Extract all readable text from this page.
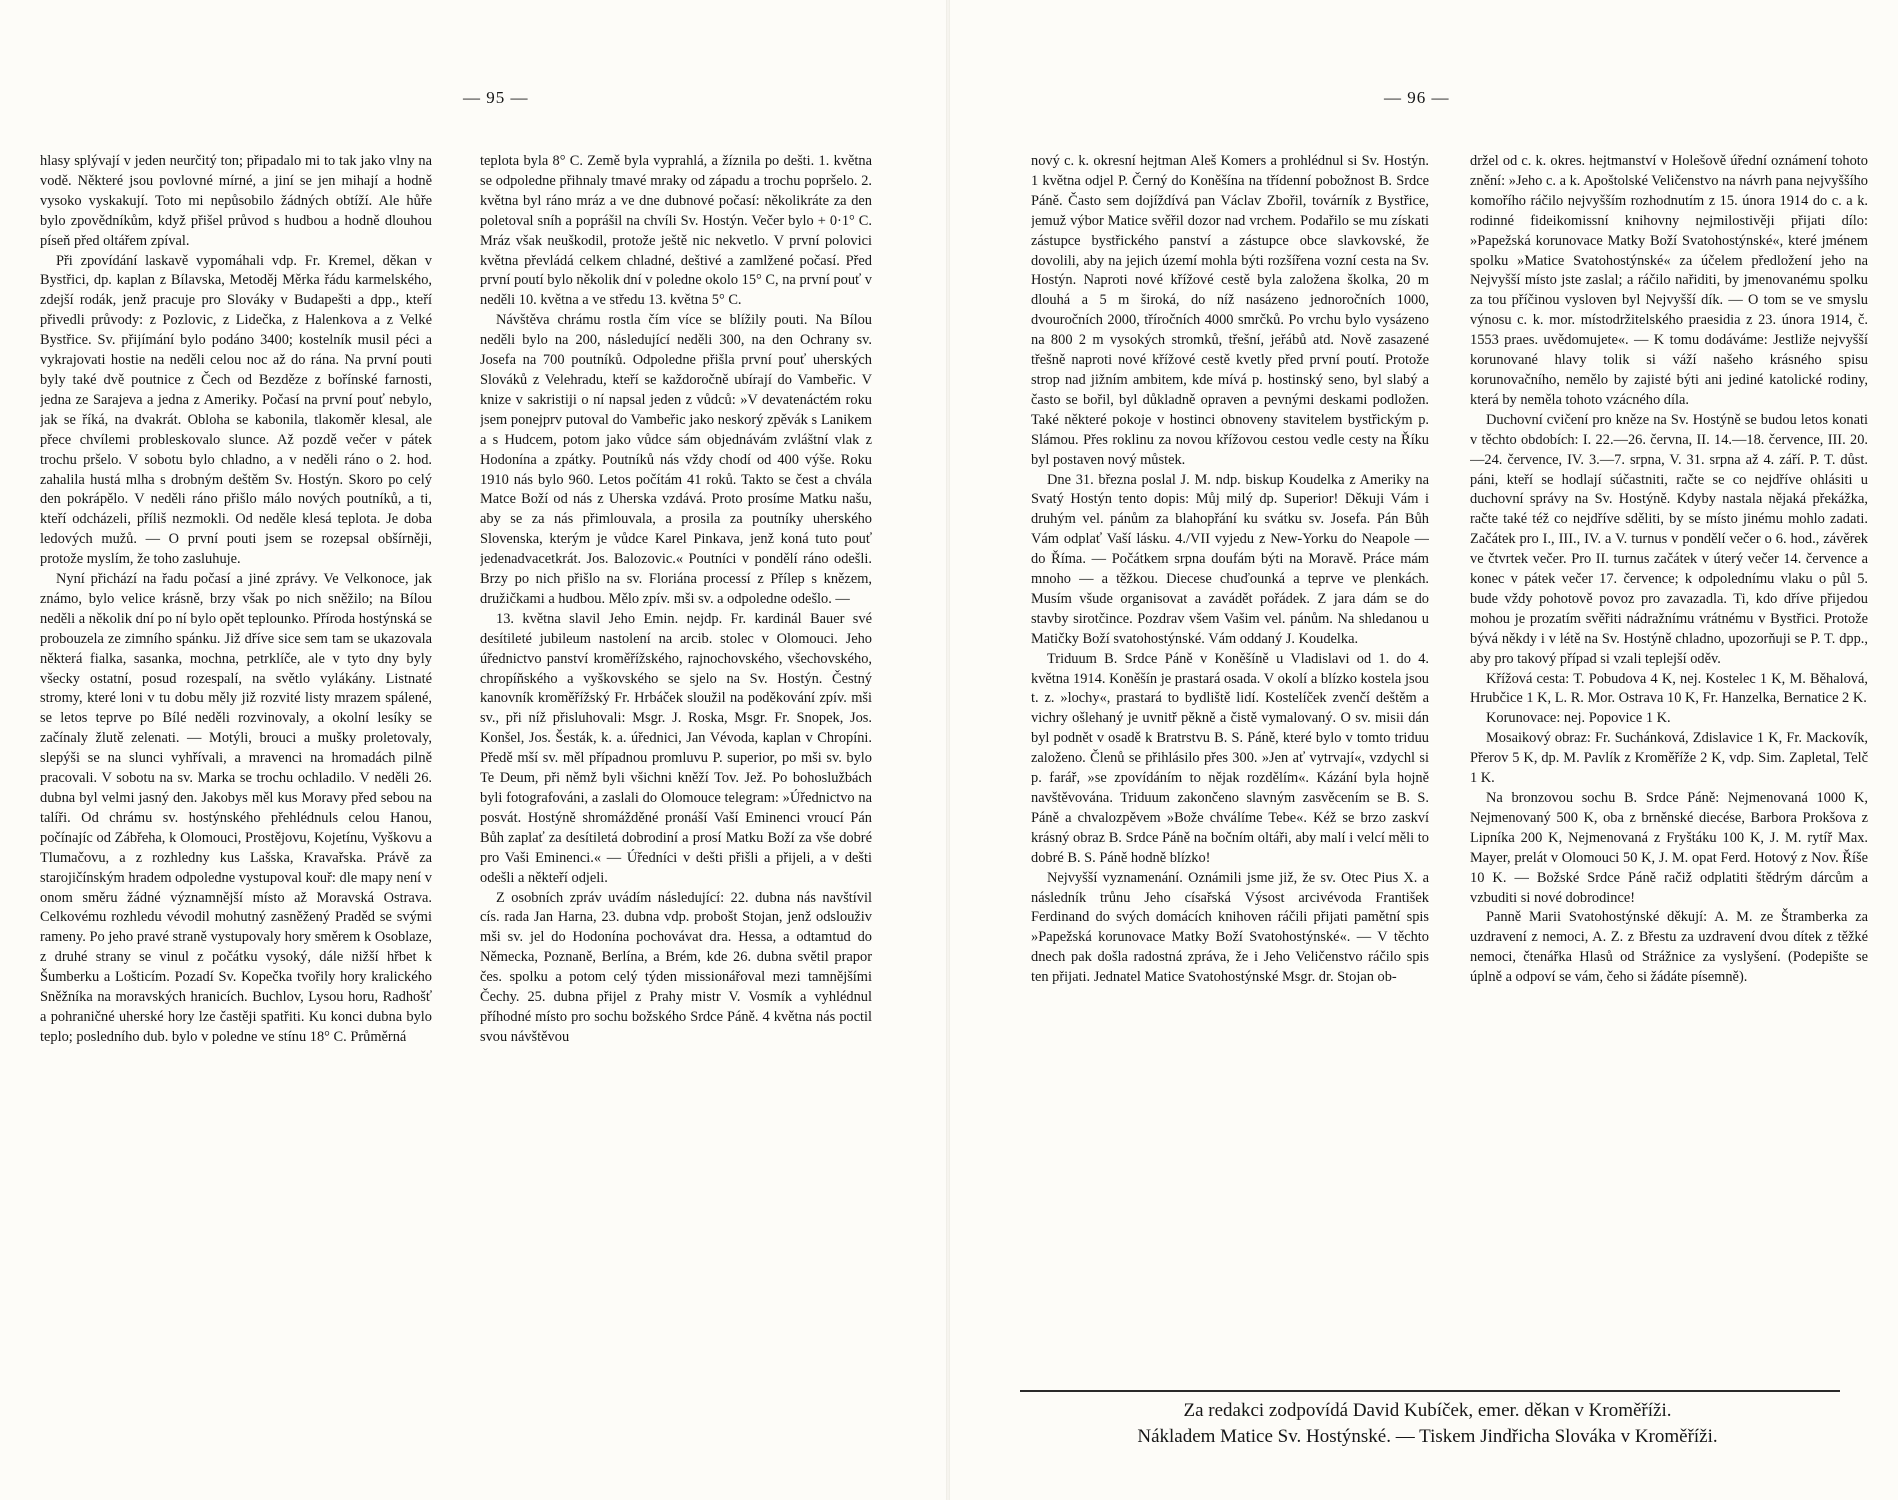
— 95 —

hlasy splývají v jeden neurčitý ton; připadalo mi to tak jako vlny na vodě. Některé jsou povlovné mírné, a jiní se jen mihají a hodně vysoko vyskakují. Toto mi nepůsobilo žádných obtíží. Ale hůře bylo zpovědníkům, když přišel průvod s hudbou a hodně dlouhou píseň před oltářem zpíval.

Při zpovídání laskavě vypomáhali vdp. Fr. Kremel, děkan v Bystřici, dp. kaplan z Bílavska, Metoděj Měrka řádu karmelského, zdejší rodák, jenž pracuje pro Slováky v Budapešti a dpp., kteří přivedli průvody: z Pozlovic, z Lidečka, z Halenkova a z Velké Bystřice. Sv. přijímání bylo podáno 3400; kostelník musil péci a vykrajovati hostie na neděli celou noc až do rána. Na první pouti byly také dvě poutnice z Čech od Bezděze z bořínské farnosti, jedna ze Sarajeva a jedna z Ameriky. Počasí na první pouť nebylo, jak se říká, na dvakrát. Obloha se kabonila, tlakoměr klesal, ale přece chvílemi probleskovalo slunce. Až pozdě večer v pátek trochu pršelo. V sobotu bylo chladno, a v neděli ráno o 2. hod. zahalila hustá mlha s drobným deštěm Sv. Hostýn. Skoro po celý den pokrápělo. V neděli ráno přišlo málo nových poutníků, a ti, kteří odcházeli, příliš nezmokli. Od neděle klesá teplota. Je doba ledových mužů. — O první pouti jsem se rozepsal obšírněji, protože myslím, že toho zasluhuje.

Nyní přichází na řadu počasí a jiné zprávy. Ve Velkonoce, jak známo, bylo velice krásně, brzy však po nich sněžilo; na Bílou neděli a několik dní po ní bylo opět teplounko. Příroda hostýnská se probouzela ze zimního spánku. Již dříve sice sem tam se ukazovala některá fialka, sasanka, mochna, petrklíče, ale v tyto dny byly všecky ostatní, posud rozespalí, na světlo vylákány. Listnaté stromy, které loni v tu dobu měly již rozvité listy mrazem spálené, se letos teprve po Bílé neděli rozvinovaly, a okolní lesíky se začínaly žlutě zelenati. — Motýli, brouci a mušky proletovaly, slepýši se na slunci vyhřívali, a mravenci na hromadách pilně pracovali. V sobotu na sv. Marka se trochu ochladilo. V neděli 26. dubna byl velmi jasný den. Jakobys měl kus Moravy před sebou na talíři. Od chrámu sv. hostýnského přehlédnuls celou Hanou, počínajíc od Zábřeha, k Olomouci, Prostějovu, Kojetínu, Vyškovu a Tlumačovu, a z rozhledny kus Lašska, Kravařska. Právě za starojičínským hradem odpoledne vystupoval kouř: dle mapy není v onom směru žádné významnější místo až Moravská Ostrava. Celkovému rozhledu vévodil mohutný zasněžený Praděd se svými rameny. Po jeho pravé straně vystupovaly hory směrem k Osoblaze, z druhé strany se vinul z počátku vysoký, dále nižší hřbet k Šumberku a Lošticím. Pozadí Sv. Kopečka tvořily hory kralického Sněžníka na moravských hranicích. Buchlov, Lysou horu, Radhošť a pohraničné uherské hory lze častěji spatřiti. Ku konci dubna bylo teplo; posledního dub. bylo v poledne ve stínu 18° C. Průměrná

teplota byla 8° C. Země byla vyprahlá, a žíznila po dešti. 1. května se odpoledne přihnaly tmavé mraky od západu a trochu popršelo. 2. května byl ráno mráz a ve dne dubnové počasí: několikráte za den poletoval sníh a poprášil na chvíli Sv. Hostýn. Večer bylo + 0·1° C. Mráz však neuškodil, protože ještě nic nekvetlo. V první polovici května převládá celkem chladné, deštivé a zamlžené počasí. Před první poutí bylo několik dní v poledne okolo 15° C, na první pouť v neděli 10. května a ve středu 13. května 5° C.

Návštěva chrámu rostla čím více se blížily pouti. Na Bílou neděli bylo na 200, následující neděli 300, na den Ochrany sv. Josefa na 700 poutníků. Odpoledne přišla první pouť uherských Slováků z Velehradu, kteří se každoročně ubírají do Vambeřic. V knize v sakristiji o ní napsal jeden z vůdců: »V devatenáctém roku jsem ponejprv putoval do Vambeřic jako neskorý zpěvák s Lanikem a s Hudcem, potom jako vůdce sám objednávám zvláštní vlak z Hodonína a zpátky. Poutníků nás vždy chodí od 400 výše. Roku 1910 nás bylo 960. Letos počítám 41 roků. Takto se čest a chvála Matce Boží od nás z Uherska vzdává. Proto prosíme Matku našu, aby se za nás přimlouvala, a prosila za poutníky uherského Slovenska, kterým je vůdce Karel Pinkava, jenž koná tuto pouť jedenadvacetkrát. Jos. Balozovic.« Poutníci v pondělí ráno odešli. Brzy po nich přišlo na sv. Floriána processí z Přílep s knězem, družičkami a hudbou. Mělo zpív. mši sv. a odpoledne odešlo. —

13. května slavil Jeho Emin. nejdp. Fr. kardinál Bauer své desítileté jubileum nastolení na arcib. stolec v Olomouci. Jeho úřednictvo panství kroměřížského, rajnochovského, všechovského, chropíňského a vyškovského se sjelo na Sv. Hostýn. Čestný kanovník kroměřížský Fr. Hrbáček sloužil na poděkování zpív. mši sv., při níž přisluhovali: Msgr. J. Roska, Msgr. Fr. Snopek, Jos. Konšel, Jos. Šesták, k. a. úřednici, Jan Vévoda, kaplan v Chropíni. Předě mší sv. měl případnou promluvu P. superior, po mši sv. bylo Te Deum, při němž byli všichni kněží Tov. Jež. Po bohoslužbách byli fotografováni, a zaslali do Olomouce telegram: »Úřednictvo na posvát. Hostýně shromážděné pronáší Vaší Eminenci vroucí Pán Bůh zaplať za desítiletá dobrodiní a prosí Matku Boží za vše dobré pro Vaši Eminenci.« — Úředníci v dešti přišli a přijeli, a v dešti odešli a někteří odjeli.

Z osobních zpráv uvádím následující: 22. dubna nás navštívil cís. rada Jan Harna, 23. dubna vdp. probošt Stojan, jenž odslouživ mši sv. jel do Hodonína pochovávat dra. Hessa, a odtamtud do Německa, Poznaně, Berlína, a Brém, kde 26. dubna světil prapor čes. spolku a potom celý týden missionářoval mezi tamnějšími Čechy. 25. dubna přijel z Prahy mistr V. Vosmík a vyhlédnul příhodné místo pro sochu božského Srdce Páně. 4 května nás poctil svou návštěvou

— 96 —

nový c. k. okresní hejtman Aleš Komers a prohlédnul si Sv. Hostýn. 1 května odjel P. Černý do Koněšína na třídenní pobožnost B. Srdce Páně. Často sem dojíždívá pan Václav Zbořil, továrník z Bystřice, jemuž výbor Matice svěřil dozor nad vrchem. Podařilo se mu získati zástupce bystřického panství a zástupce obce slavkovské, že dovolili, aby na jejich území mohla býti rozšířena vozní cesta na Sv. Hostýn. Naproti nové křížové cestě byla založena školka, 20 m dlouhá a 5 m široká, do níž nasázeno jednoročních 1000, dvouročních 2000, tříročních 4000 smrčků. Po vrchu bylo vysázeno na 800 2 m vysokých stromků, třešní, jeřábů atd. Nově zasazené třešně naproti nové křížové cestě kvetly před první poutí. Protože strop nad jižním ambitem, kde mívá p. hostinský seno, byl slabý a často se bořil, byl důkladně opraven a pevnými deskami podložen. Také některé pokoje v hostinci obnoveny stavitelem bystřickým p. Slámou. Přes roklinu za novou křížovou cestou vedle cesty na Říku byl postaven nový můstek.

Dne 31. března poslal J. M. ndp. biskup Koudelka z Ameriky na Svatý Hostýn tento dopis: Můj milý dp. Superior! Děkuji Vám i druhým vel. pánům za blahopřání ku svátku sv. Josefa. Pán Bůh Vám odplať Vaší lásku. 4./VII vyjedu z New-Yorku do Neapole — do Říma. — Počátkem srpna doufám býti na Moravě. Práce mám mnoho — a těžkou. Diecese chuďounká a teprve ve plenkách. Musím všude organisovat a zavádět pořádek. Z jara dám se do stavby sirotčince. Pozdrav všem Vašim vel. pánům. Na shledanou u Matičky Boží svatohostýnské. Vám oddaný J. Koudelka.

Triduum B. Srdce Páně v Koněšíně u Vladislavi od 1. do 4. května 1914. Koněšín je prastará osada. V okolí a blízko kostela jsou t. z. »lochy«, prastará to bydliště lidí. Kostelíček zvenčí deštěm a vichry ošlehaný je uvnitř pěkně a čistě vymalovaný. O sv. misii dán byl podnět v osadě k Bratrstvu B. S. Páně, které bylo v tomto triduu založeno. Členů se přihlásilo přes 300. »Jen ať vytrvají«, vzdychl si p. farář, »se zpovídáním to nějak rozdělím«. Kázání byla hojně navštěvována. Triduum zakončeno slavným zasvěcením se B. S. Páně a chvalozpěvem »Bože chválíme Tebe«. Kéž se brzo zaskví krásný obraz B. Srdce Páně na bočním oltáři, aby malí i velcí měli to dobré B. S. Páně hodně blízko!

Nejvyšší vyznamenání. Oznámili jsme již, že sv. Otec Pius X. a následník trůnu Jeho císařská Výsost arcivévoda František Ferdinand do svých domácích knihoven ráčili přijati pamětní spis »Papežská korunovace Matky Boží Svatohostýnské«. — V těchto dnech pak došla radostná zpráva, že i Jeho Veličenstvo ráčilo spis ten přijati. Jednatel Matice Svatohostýnské Msgr. dr. Stojan ob-

držel od c. k. okres. hejtmanství v Holešově úřední oznámení tohoto znění: »Jeho c. a k. Apoštolské Veličenstvo na návrh pana nejvyššího komořího ráčilo nejvyšším rozhodnutím z 15. února 1914 do c. a k. rodinné fideikomissní knihovny nejmilostivěji přijati dílo: »Papežská korunovace Matky Boží Svatohostýnské«, které jménem spolku »Matice Svatohostýnské« za účelem předložení jeho na Nejvyšší místo jste zaslal; a ráčilo nařiditi, by jmenovanému spolku za tou příčinou vysloven byl Nejvyšší dík. — O tom se ve smyslu výnosu c. k. mor. místodržitelského praesidia z 23. února 1914, č. 1553 praes. uvědomujete«. — K tomu dodáváme: Jestliže nejvyšší korunované hlavy tolik si váží našeho krásného spisu korunovačního, nemělo by zajisté býti ani jediné katolické rodiny, která by neměla tohoto vzácného díla.

Duchovní cvičení pro kněze na Sv. Hostýně se budou letos konati v těchto obdobích: I. 22.—26. června, II. 14.—18. července, III. 20.—24. července, IV. 3.—7. srpna, V. 31. srpna až 4. září. P. T. důst. páni, kteří se hodlají súčastniti, račte se co nejdříve ohlásiti u duchovní správy na Sv. Hostýně. Kdyby nastala nějaká překážka, račte také též co nejdříve sděliti, by se místo jinému mohlo zadati. Začátek pro I., III., IV. a V. turnus v pondělí večer o 6. hod., závěrek ve čtvrtek večer. Pro II. turnus začátek v úterý večer 14. července a konec v pátek večer 17. července; k odpolednímu vlaku o půl 5. bude vždy pohotově povoz pro zavazadla. Ti, kdo dříve přijedou mohou je prozatím svěřiti nádražnímu vrátnému v Bystřici. Protože bývá někdy i v létě na Sv. Hostýně chladno, upozorňuji se P. T. dpp., aby pro takový případ si vzali teplejší oděv.

Křížová cesta: T. Pobudova 4 K, nej. Kostelec 1 K, M. Běhalová, Hrubčice 1 K, L. R. Mor. Ostrava 10 K, Fr. Hanzelka, Bernatice 2 K.

Korunovace: nej. Popovice 1 K.

Mosaikový obraz: Fr. Suchánková, Zdislavice 1 K, Fr. Mackovík, Přerov 5 K, dp. M. Pavlík z Kroměříže 2 K, vdp. Sim. Zapletal, Telč 1 K.

Na bronzovou sochu B. Srdce Páně: Nejmenovaná 1000 K, Nejmenovaný 500 K, oba z brněnské diecése, Barbora Prokšova z Lipníka 200 K, Nejmenovaná z Fryštáku 100 K, J. M. rytíř Max. Mayer, prelát v Olomouci 50 K, J. M. opat Ferd. Hotový z Nov. Říše 10 K. — Božské Srdce Páně račiž odplatiti štědrým dárcům a vzbuditi si nové dobrodince!

Panně Marii Svatohostýnské děkují: A. M. ze Štramberka za uzdravení z nemoci, A. Z. z Břestu za uzdravení dvou dítek z těžké nemoci, čtenářka Hlasů od Strážnice za vyslyšení. (Podepište se úplně a odpoví se vám, čeho si žádáte písemně).

Za redakci zodpovídá David Kubíček, emer. děkan v Kroměříži.
Nákladem Matice Sv. Hostýnské. — Tiskem Jindřicha Slováka v Kroměříži.
